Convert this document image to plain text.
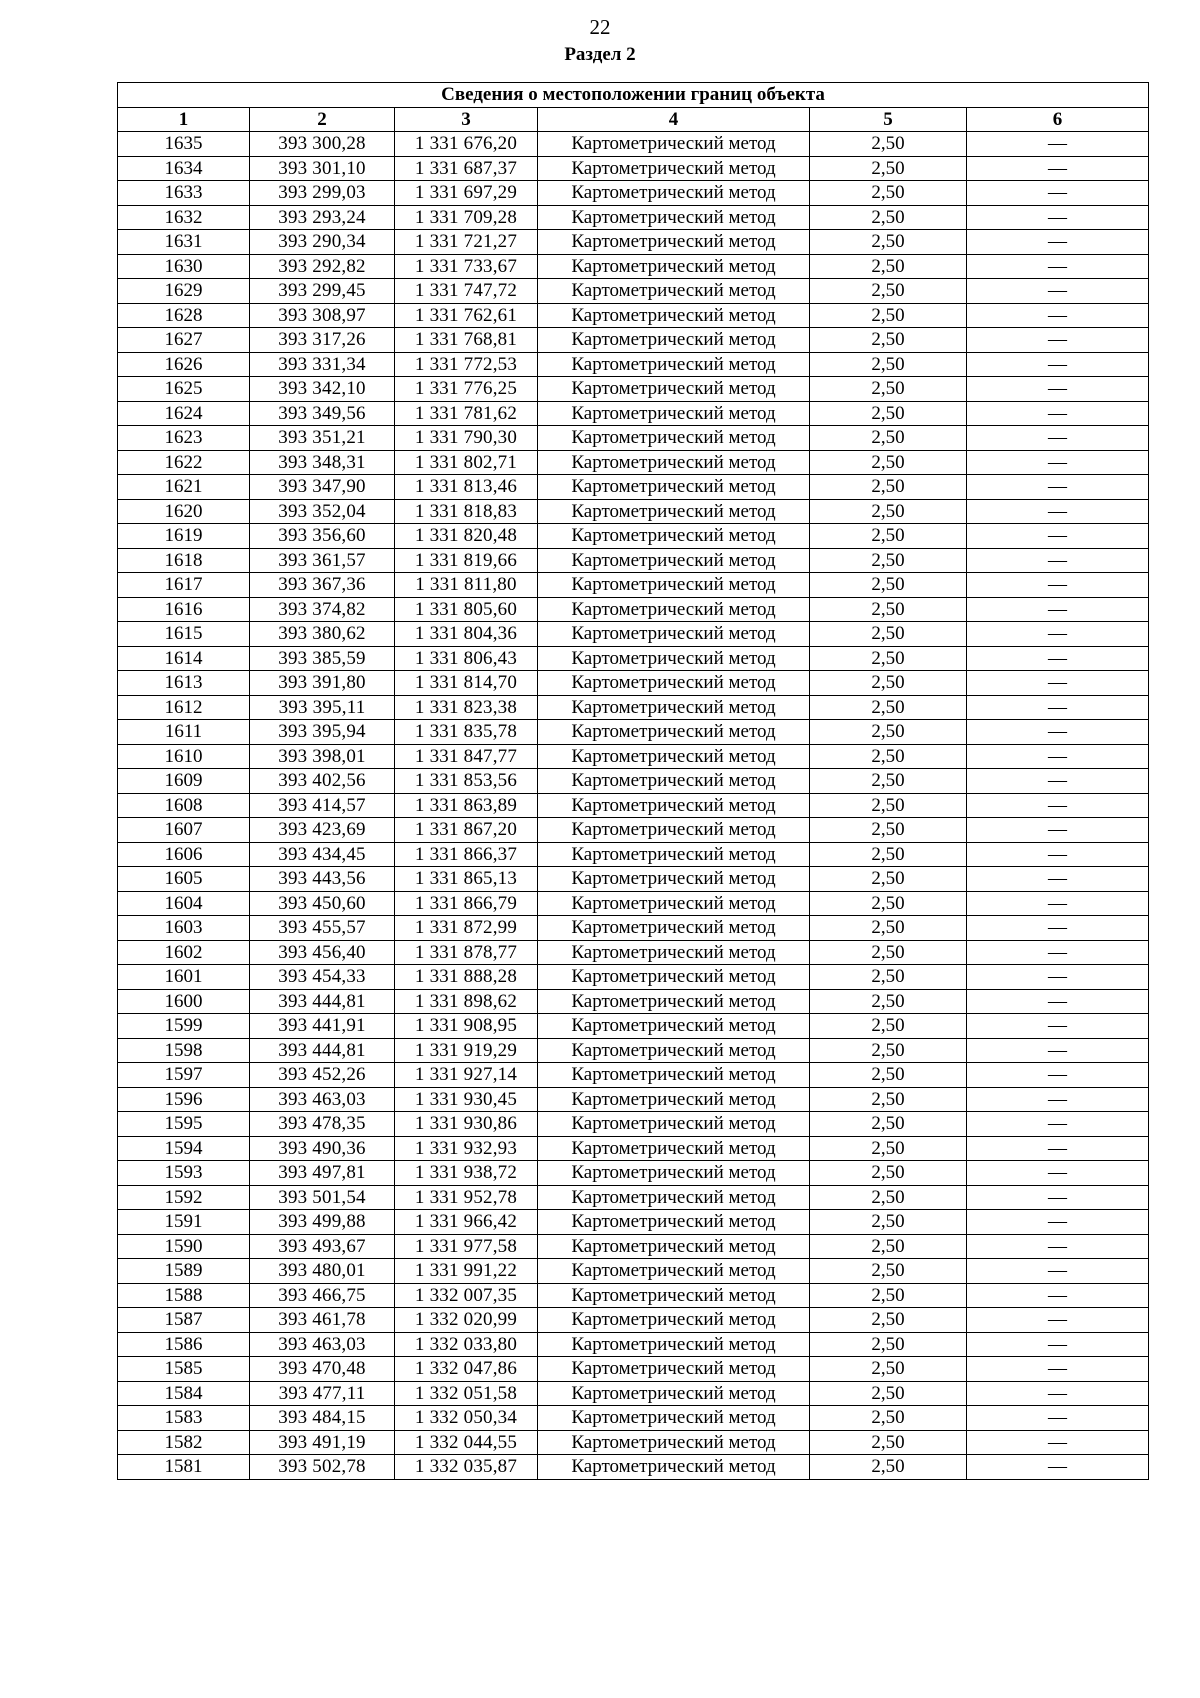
22
Раздел 2
Сведения о местоположении границ объекта					
1	2	3	4	5	6
1635	393 300,28	1 331 676,20	Картометрический метод	2,50	—
1634	393 301,10	1 331 687,37	Картометрический метод	2,50	—
1633	393 299,03	1 331 697,29	Картометрический метод	2,50	—
1632	393 293,24	1 331 709,28	Картометрический метод	2,50	—
1631	393 290,34	1 331 721,27	Картометрический метод	2,50	—
1630	393 292,82	1 331 733,67	Картометрический метод	2,50	—
1629	393 299,45	1 331 747,72	Картометрический метод	2,50	—
1628	393 308,97	1 331 762,61	Картометрический метод	2,50	—
1627	393 317,26	1 331 768,81	Картометрический метод	2,50	—
1626	393 331,34	1 331 772,53	Картометрический метод	2,50	—
1625	393 342,10	1 331 776,25	Картометрический метод	2,50	—
1624	393 349,56	1 331 781,62	Картометрический метод	2,50	—
1623	393 351,21	1 331 790,30	Картометрический метод	2,50	—
1622	393 348,31	1 331 802,71	Картометрический метод	2,50	—
1621	393 347,90	1 331 813,46	Картометрический метод	2,50	—
1620	393 352,04	1 331 818,83	Картометрический метод	2,50	—
1619	393 356,60	1 331 820,48	Картометрический метод	2,50	—
1618	393 361,57	1 331 819,66	Картометрический метод	2,50	—
1617	393 367,36	1 331 811,80	Картометрический метод	2,50	—
1616	393 374,82	1 331 805,60	Картометрический метод	2,50	—
1615	393 380,62	1 331 804,36	Картометрический метод	2,50	—
1614	393 385,59	1 331 806,43	Картометрический метод	2,50	—
1613	393 391,80	1 331 814,70	Картометрический метод	2,50	—
1612	393 395,11	1 331 823,38	Картометрический метод	2,50	—
1611	393 395,94	1 331 835,78	Картометрический метод	2,50	—
1610	393 398,01	1 331 847,77	Картометрический метод	2,50	—
1609	393 402,56	1 331 853,56	Картометрический метод	2,50	—
1608	393 414,57	1 331 863,89	Картометрический метод	2,50	—
1607	393 423,69	1 331 867,20	Картометрический метод	2,50	—
1606	393 434,45	1 331 866,37	Картометрический метод	2,50	—
1605	393 443,56	1 331 865,13	Картометрический метод	2,50	—
1604	393 450,60	1 331 866,79	Картометрический метод	2,50	—
1603	393 455,57	1 331 872,99	Картометрический метод	2,50	—
1602	393 456,40	1 331 878,77	Картометрический метод	2,50	—
1601	393 454,33	1 331 888,28	Картометрический метод	2,50	—
1600	393 444,81	1 331 898,62	Картометрический метод	2,50	—
1599	393 441,91	1 331 908,95	Картометрический метод	2,50	—
1598	393 444,81	1 331 919,29	Картометрический метод	2,50	—
1597	393 452,26	1 331 927,14	Картометрический метод	2,50	—
1596	393 463,03	1 331 930,45	Картометрический метод	2,50	—
1595	393 478,35	1 331 930,86	Картометрический метод	2,50	—
1594	393 490,36	1 331 932,93	Картометрический метод	2,50	—
1593	393 497,81	1 331 938,72	Картометрический метод	2,50	—
1592	393 501,54	1 331 952,78	Картометрический метод	2,50	—
1591	393 499,88	1 331 966,42	Картометрический метод	2,50	—
1590	393 493,67	1 331 977,58	Картометрический метод	2,50	—
1589	393 480,01	1 331 991,22	Картометрический метод	2,50	—
1588	393 466,75	1 332 007,35	Картометрический метод	2,50	—
1587	393 461,78	1 332 020,99	Картометрический метод	2,50	—
1586	393 463,03	1 332 033,80	Картометрический метод	2,50	—
1585	393 470,48	1 332 047,86	Картометрический метод	2,50	—
1584	393 477,11	1 332 051,58	Картометрический метод	2,50	—
1583	393 484,15	1 332 050,34	Картометрический метод	2,50	—
1582	393 491,19	1 332 044,55	Картометрический метод	2,50	—
1581	393 502,78	1 332 035,87	Картометрический метод	2,50	—
